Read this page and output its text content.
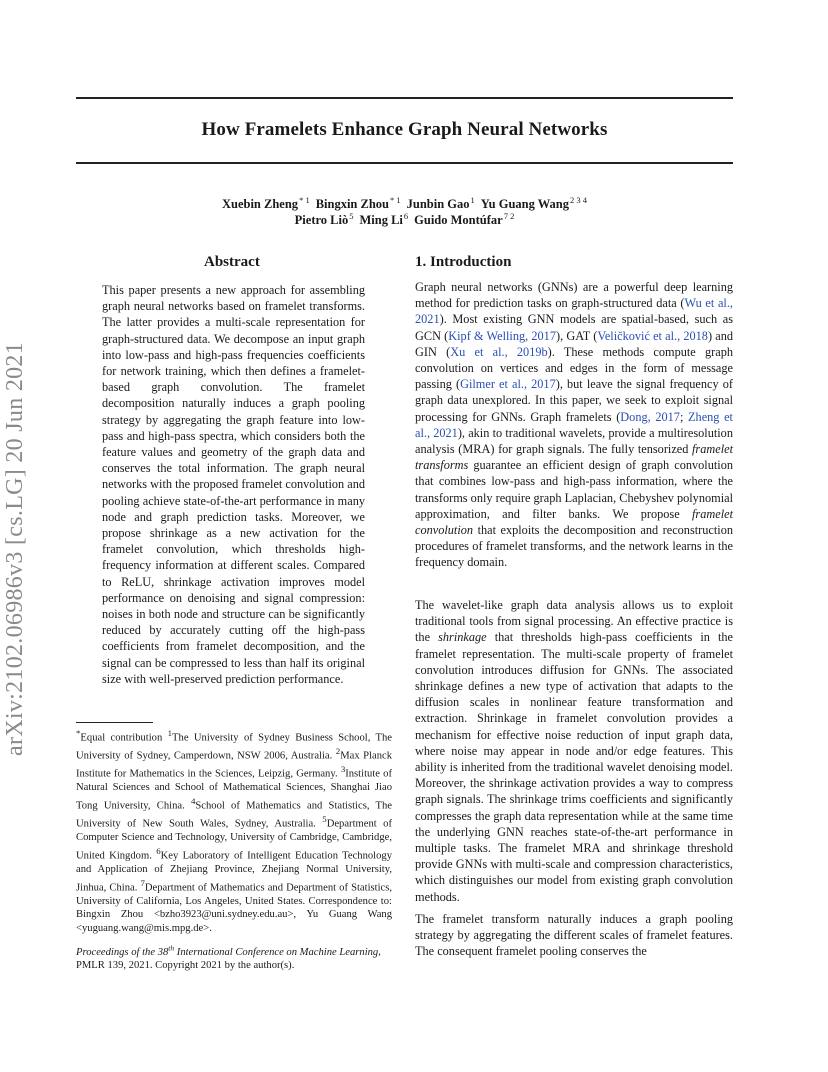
arXiv:2102.06986v3 [cs.LG] 20 Jun 2021
How Framelets Enhance Graph Neural Networks
Xuebin Zheng$^{* 1}$ Bingxin Zhou$^{* 1}$ Junbin Gao$^1$ Yu Guang Wang$^{2 3 4}$
Pietro Liò$^5$ Ming Li$^6$ Guido Montúfar$^{7 2}$
Abstract

This paper presents a new approach for assembling graph neural networks based on framelet transforms. The latter provides a multi-scale representation for graph-structured data. We decompose an input graph into low-pass and high-pass frequencies coefficients for network training, which then defines a framelet-based graph convolution. The framelet decomposition naturally induces a graph pooling strategy by aggregating the graph feature into low-pass and high-pass spectra, which considers both the feature values and geometry of the graph data and conserves the total information. The graph neural networks with the proposed framelet convolution and pooling achieve state-of-the-art performance in many node and graph prediction tasks. Moreover, we propose shrinkage as a new activation for the framelet convolution, which thresholds high-frequency information at different scales. Compared to ReLU, shrinkage activation improves model performance on denoising and signal compression: noises in both node and structure can be significantly reduced by accurately cutting off the high-pass coefficients from framelet decomposition, and the signal can be compressed to less than half its original size with well-preserved prediction performance.

1. Introduction

Graph neural networks (GNNs) are a powerful deep learning method for prediction tasks on graph-structured data (Wu et al., 2021). Most existing GNN models are spatial-based, such as GCN (Kipf & Welling, 2017), GAT (Veličković et al., 2018) and GIN (Xu et al., 2019b). These methods compute graph convolution on vertices and edges in the form of message passing (Gilmer et al., 2017), but leave the signal frequency of graph data unexplored. In this paper, we seek to exploit signal processing for GNNs. Graph framelets (Dong, 2017; Zheng et al., 2021), akin to traditional wavelets, provide a multiresolution analysis (MRA) for graph signals. The fully tensorized framelet transforms guarantee an efficient design of graph convolution that combines low-pass and high-pass information, where the transforms only require graph Laplacian, Chebyshev polynomial approximation, and filter banks. We propose framelet convolution that exploits the decomposition and reconstruction procedures of framelet transforms, and the network learns in the frequency domain.

The wavelet-like graph data analysis allows us to exploit traditional tools from signal processing. An effective practice is the shrinkage that thresholds high-pass coefficients in the framelet representation. The multi-scale property of framelet convolution introduces diffusion for GNNs. The associated shrinkage defines a new type of activation that adapts to the diffusion scales in nonlinear feature transformation and extraction. Shrinkage in framelet convolution provides a mechanism for effective noise reduction of input graph data, where noise may appear in node and/or edge features. This ability is inherited from the traditional wavelet denoising model. Moreover, the shrinkage activation provides a way to compress graph signals. The shrinkage trims coefficients and significantly compresses the graph data representation while at the same time the underlying GNN reaches state-of-the-art performance in multiple tasks. The framelet MRA and shrinkage threshold provide GNNs with multi-scale and compression characteristics, which distinguishes our model from existing graph convolution methods.

The framelet transform naturally induces a graph pooling strategy by aggregating the different scales of framelet features. The consequent framelet pooling conserves the

*Equal contribution $^1$The University of Sydney Business School, The University of Sydney, Camperdown, NSW 2006, Australia. $^2$Max Planck Institute for Mathematics in the Sciences, Leipzig, Germany. $^3$Institute of Natural Sciences and School of Mathematical Sciences, Shanghai Jiao Tong University, China. $^4$School of Mathematics and Statistics, The University of New South Wales, Sydney, Australia. $^5$Department of Computer Science and Technology, University of Cambridge, Cambridge, United Kingdom. $^6$Key Laboratory of Intelligent Education Technology and Application of Zhejiang Province, Zhejiang Normal University, Jinhua, China. $^7$Department of Mathematics and Department of Statistics, University of California, Los Angeles, United States. Correspondence to: Bingxin Zhou <bzho3923@uni.sydney.edu.au>, Yu Guang Wang <yuguang.wang@mis.mpg.de>.

Proceedings of the 38th International Conference on Machine Learning, PMLR 139, 2021. Copyright 2021 by the author(s).
